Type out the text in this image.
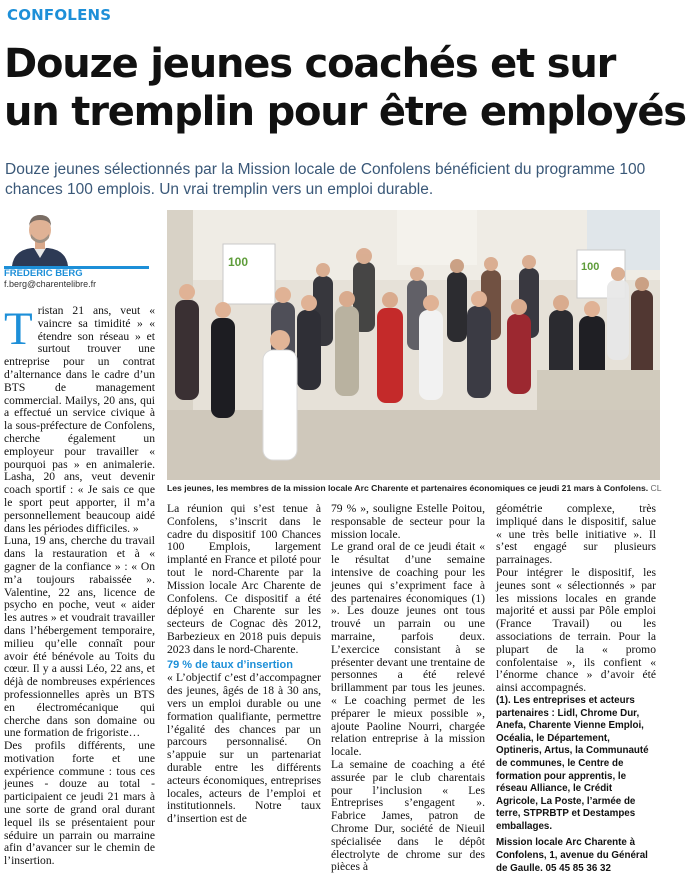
CONFOLENS
Douze jeunes coachés et sur
un tremplin pour être employés
Douze jeunes sélectionnés par la Mission locale de Confolens bénéficient du programme 100 chances 100 emplois. Un vrai tremplin vers un emploi durable.
FRÉDÉRIC BERG
f.berg@charentelibre.fr
100	100
Les jeunes, les membres de la mission locale Arc Charente et partenaires économiques ce jeudi 21 mars à Confolens. CL
T ristan 21 ans, veut « vaincre sa timidité » « étendre son réseau » et surtout trouver une entreprise pour un contrat d’alternance dans le cadre d’un BTS de management commercial. Mailys, 20 ans, qui a effectué un service civique à la sous-préfecture de Confolens, cherche également un employeur pour travailler « pourquoi pas » en animalerie. Lasha, 20 ans, veut devenir coach sportif : « Je sais ce que le sport peut apporter, il m’a personnellement beaucoup aidé dans les périodes difficiles. »

Luna, 19 ans, cherche du travail dans la restauration et à « gagner de la confiance » : « On m’a toujours rabaissée ». Valentine, 22 ans, licence de psycho en poche, veut « aider les autres » et voudrait travailler dans l’hébergement temporaire, milieu qu’elle connaît pour avoir été bénévole au Toits du cœur. Il y a aussi Léo, 22 ans, et déjà de nombreuses expériences professionnelles après un BTS en électromécanique qui cherche dans son domaine ou une formation de frigoriste…

Des profils différents, une motivation forte et une expérience commune : tous ces jeunes - douze au total - participaient ce jeudi 21 mars à une sorte de grand oral durant lequel ils se présentaient pour séduire un parrain ou marraine afin d’avancer sur le chemin de l’insertion.

La réunion qui s’est tenue à Confolens, s’inscrit dans le cadre du dispositif 100 Chances 100 Emplois, largement implanté en France et piloté pour tout le nord-Charente par la Mission locale Arc Charente de Confolens. Ce dispositif a été déployé en Charente sur les secteurs de Cognac dès 2012, Barbezieux en 2018 puis depuis 2023 dans le nord-Charente.

79 % de taux d’insertion

« L’objectif c’est d’accompagner des jeunes, âgés de 18 à 30 ans, vers un emploi durable ou une formation qualifiante, permettre l’égalité des chances par un parcours personnalisé. On s’appuie sur un partenariat durable entre les différents acteurs économiques, entreprises locales, acteurs de l’emploi et institutionnels. Notre taux d’insertion est de

79 % », souligne Estelle Poitou, responsable de secteur pour la mission locale.

Le grand oral de ce jeudi était « le résultat d’une semaine intensive de coaching pour les jeunes qui s’expriment face à des partenaires économiques (1) ». Les douze jeunes ont tous trouvé un parrain ou une marraine, parfois deux. L’exercice consistant à se présenter devant une trentaine de personnes a été relevé brillamment par tous les jeunes. « Le coaching permet de les préparer le mieux possible », ajoute Paoline Nourri, chargée relation entreprise à la mission locale.

La semaine de coaching a été assurée par le club charentais pour l’inclusion « Les Entreprises s’engagent ». Fabrice James, patron de Chrome Dur, société de Nieuil spécialisée dans le dépôt électrolyte de chrome sur des pièces à

géométrie complexe, très impliqué dans le dispositif, salue « une très belle initiative ». Il s’est engagé sur plusieurs parrainages.

Pour intégrer le dispositif, les jeunes sont « sélectionnés » par les missions locales en grande majorité et aussi par Pôle emploi (France Travail) ou les associations de terrain. Pour la plupart de la « promo confolentaise », ils confient « l’énorme chance » d’avoir été ainsi accompagnés.

(1). Les entreprises et acteurs partenaires : Lidl, Chrome Dur, Anefa, Charente Vienne Emploi, Océalia, le Département, Optineris, Artus, la Communauté de communes, le Centre de formation pour apprentis, le réseau Alliance, le Crédit Agricole, La Poste, l’armée de terre, STPRBTP et Destampes emballages.

Mission locale Arc Charente à Confolens, 1, avenue du Général de Gaulle. 05 45 85 36 32
